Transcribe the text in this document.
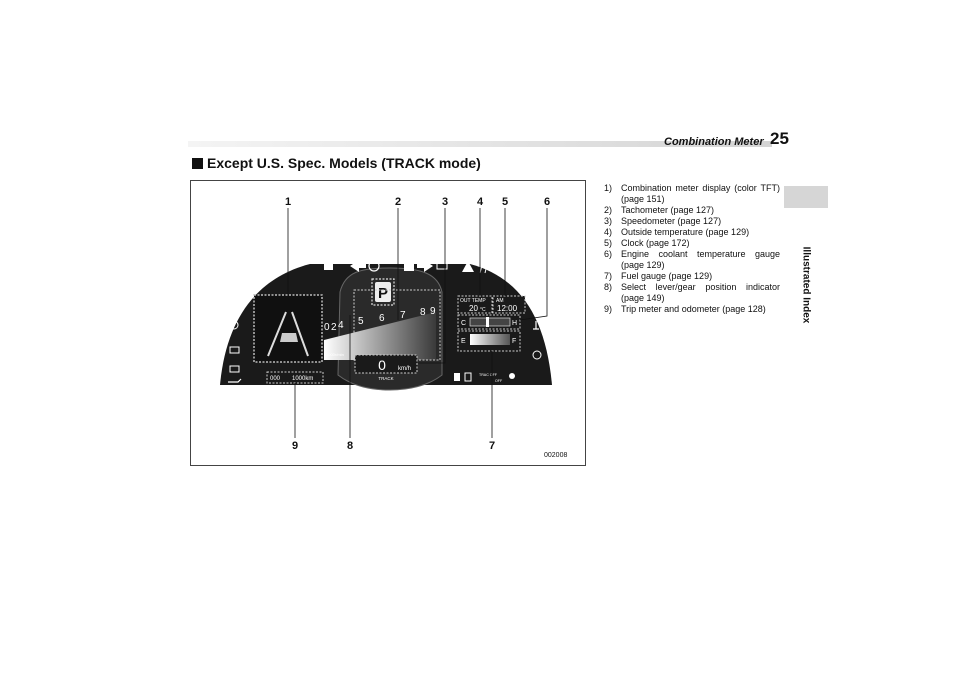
Combination Meter 25
Illustrated Index
Except U.S. Spec. Models (TRACK mode)
P
0 2 4 5 6 7 8 9
x1000r/min
0 km/h
TRACK
OUT TEMP
20 °C
AM
12:00
C	H
E	F
TRAC OFF
OFF
000 1000km
1	2	3	4 5	6
7
8
9
002008
1) Combination meter display (color TFT) (page 151)
2) Tachometer (page 127)
3) Speedometer (page 127)
4) Outside temperature (page 129)
5) Clock (page 172)
6) Engine coolant temperature gauge (page 129)
7) Fuel gauge (page 129)
8) Select lever/gear position indicator (page 149)
9) Trip meter and odometer (page 128)
